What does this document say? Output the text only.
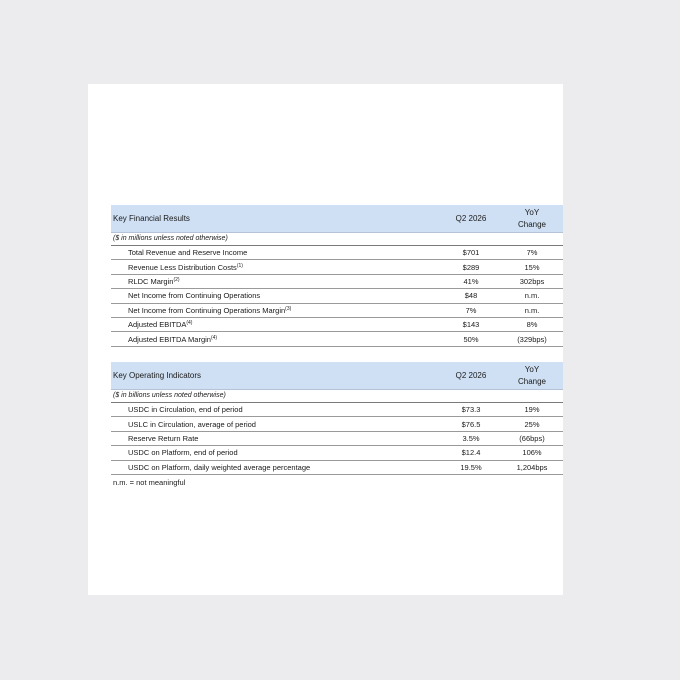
Key Financial Results	Q2 2026
YoY
Change
($ in millions unless noted otherwise)
Total Revenue and Reserve Income	$701	7%
Revenue Less Distribution Costs$^{(1)}$	$289	15%
RLDC Margin$^{(2)}$	41%	302bps
Net Income from Continuing Operations	$48	n.m.
Net Income from Continuing Operations Margin$^{(3)}$	7%	n.m.
Adjusted EBITDA$^{(4)}$	$143	8%
Adjusted EBITDA Margin$^{(4)}$	50%	(329bps)
Key Operating Indicators	Q2 2026
YoY
Change
($ in billions unless noted otherwise)
USDC in Circulation, end of period	$73.3	19%
USLC in Circulation, average of period	$76.5	25%
Reserve Return Rate	3.5%	(66bps)
USDC on Platform, end of period	$12.4	106%
USDC on Platform, daily weighted average percentage	19.5%	1,204bps
n.m. = not meaningful
